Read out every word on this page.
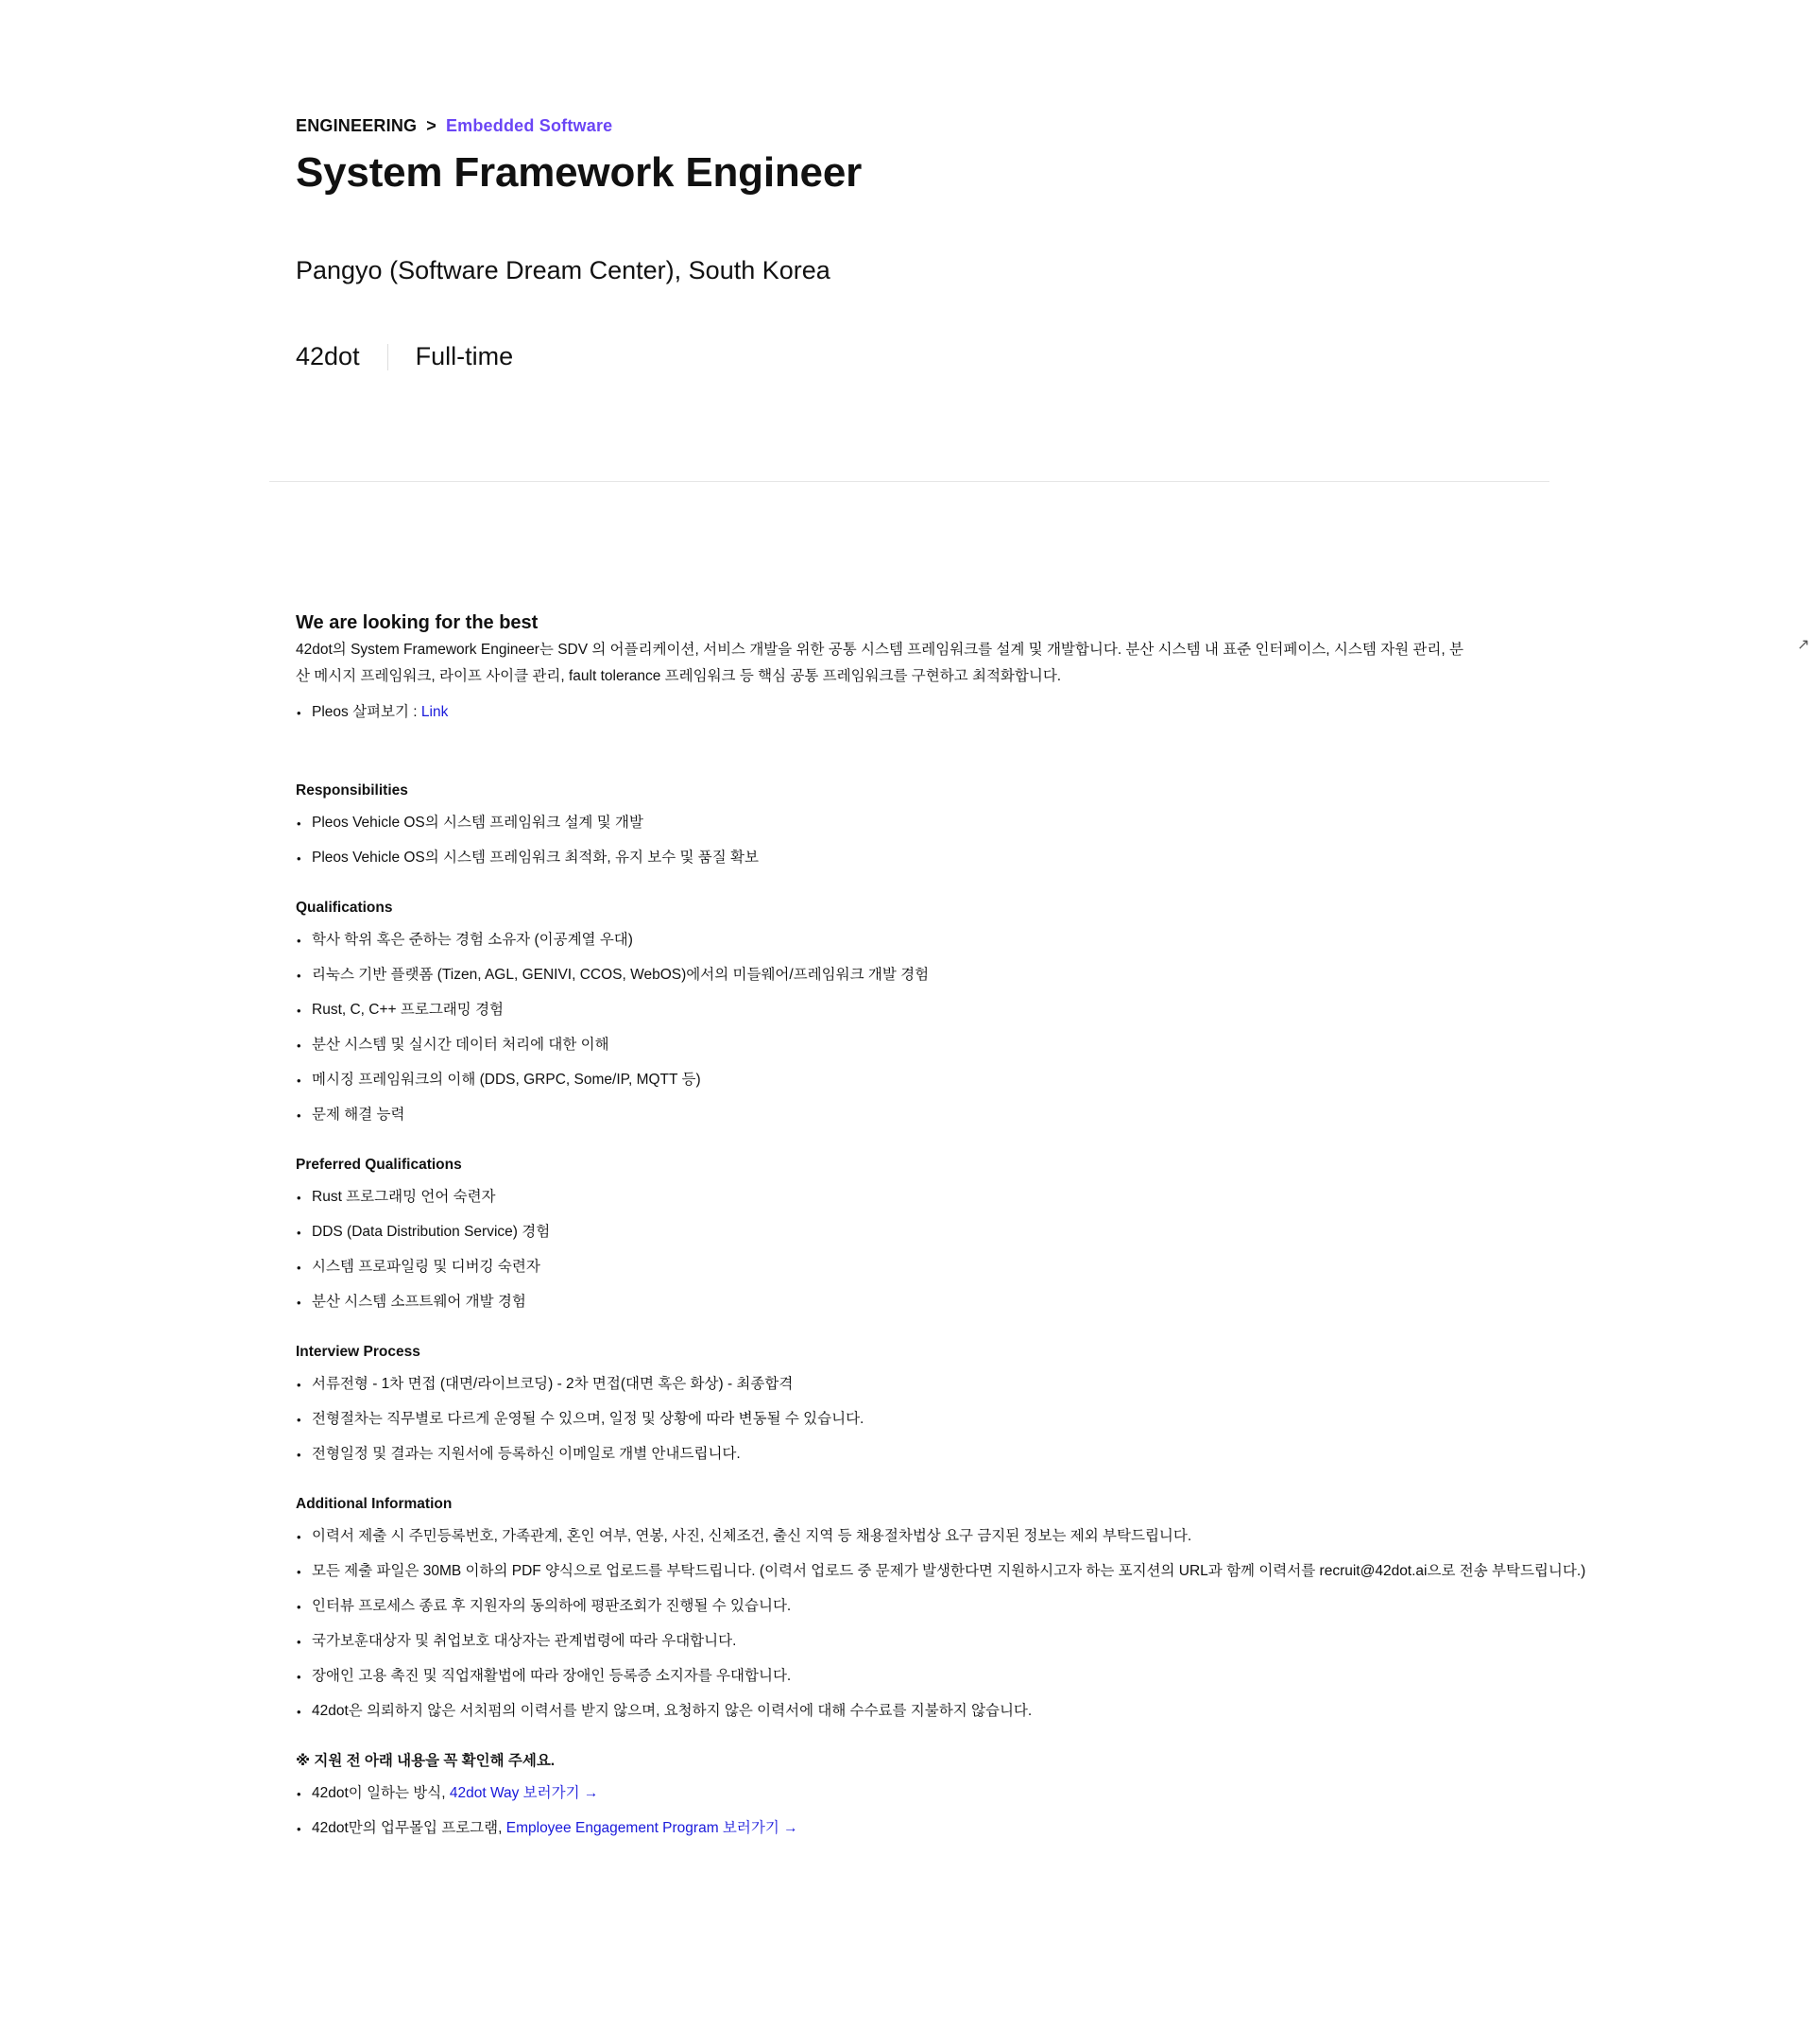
ENGINEERING > Embedded Software
System Framework Engineer
Pangyo (Software Dream Center), South Korea
42dot Full-time
↗

We are looking for the best

42dot의 System Framework Engineer는 SDV 의 어플리케이션, 서비스 개발을 위한 공통 시스템 프레임워크를 설계 및 개발합니다. 분산 시스템 내 표준 인터페이스, 시스템 자원 관리, 분산 메시지 프레임워크, 라이프 사이클 관리, fault tolerance 프레임워크 등 핵심 공통 프레임워크를 구현하고 최적화합니다.

• Pleos 살펴보기 : Link

Responsibilities

• Pleos Vehicle OS의 시스템 프레임워크 설계 및 개발
• Pleos Vehicle OS의 시스템 프레임워크 최적화, 유지 보수 및 품질 확보

Qualifications

• 학사 학위 혹은 준하는 경험 소유자 (이공계열 우대)
• 리눅스 기반 플랫폼 (Tizen, AGL, GENIVI, CCOS, WebOS)에서의 미들웨어/프레임워크 개발 경험
• Rust, C, C++ 프로그래밍 경험
• 분산 시스템 및 실시간 데이터 처리에 대한 이해
• 메시징 프레임워크의 이해 (DDS, GRPC, Some/IP, MQTT 등)
• 문제 해결 능력

Preferred Qualifications

• Rust 프로그래밍 언어 숙련자
• DDS (Data Distribution Service) 경험
• 시스템 프로파일링 및 디버깅 숙련자
• 분산 시스템 소프트웨어 개발 경험

Interview Process

• 서류전형 - 1차 면접 (대면/라이브코딩) - 2차 면접(대면 혹은 화상) - 최종합격
• 전형절차는 직무별로 다르게 운영될 수 있으며, 일정 및 상황에 따라 변동될 수 있습니다.
• 전형일정 및 결과는 지원서에 등록하신 이메일로 개별 안내드립니다.

Additional Information

• 이력서 제출 시 주민등록번호, 가족관계, 혼인 여부, 연봉, 사진, 신체조건, 출신 지역 등 채용절차법상 요구 금지된 정보는 제외 부탁드립니다.
• 모든 제출 파일은 30MB 이하의 PDF 양식으로 업로드를 부탁드립니다. (이력서 업로드 중 문제가 발생한다면 지원하시고자 하는 포지션의 URL과 함께 이력서를 recruit@42dot.ai으로 전송 부탁드립니다.)
• 인터뷰 프로세스 종료 후 지원자의 동의하에 평판조회가 진행될 수 있습니다.
• 국가보훈대상자 및 취업보호 대상자는 관계법령에 따라 우대합니다.
• 장애인 고용 촉진 및 직업재활법에 따라 장애인 등록증 소지자를 우대합니다.
• 42dot은 의뢰하지 않은 서치펌의 이력서를 받지 않으며, 요청하지 않은 이력서에 대해 수수료를 지불하지 않습니다.

※ 지원 전 아래 내용을 꼭 확인해 주세요.

• 42dot이 일하는 방식, 42dot Way 보러가기 →
• 42dot만의 업무몰입 프로그램, Employee Engagement Program 보러가기 →
